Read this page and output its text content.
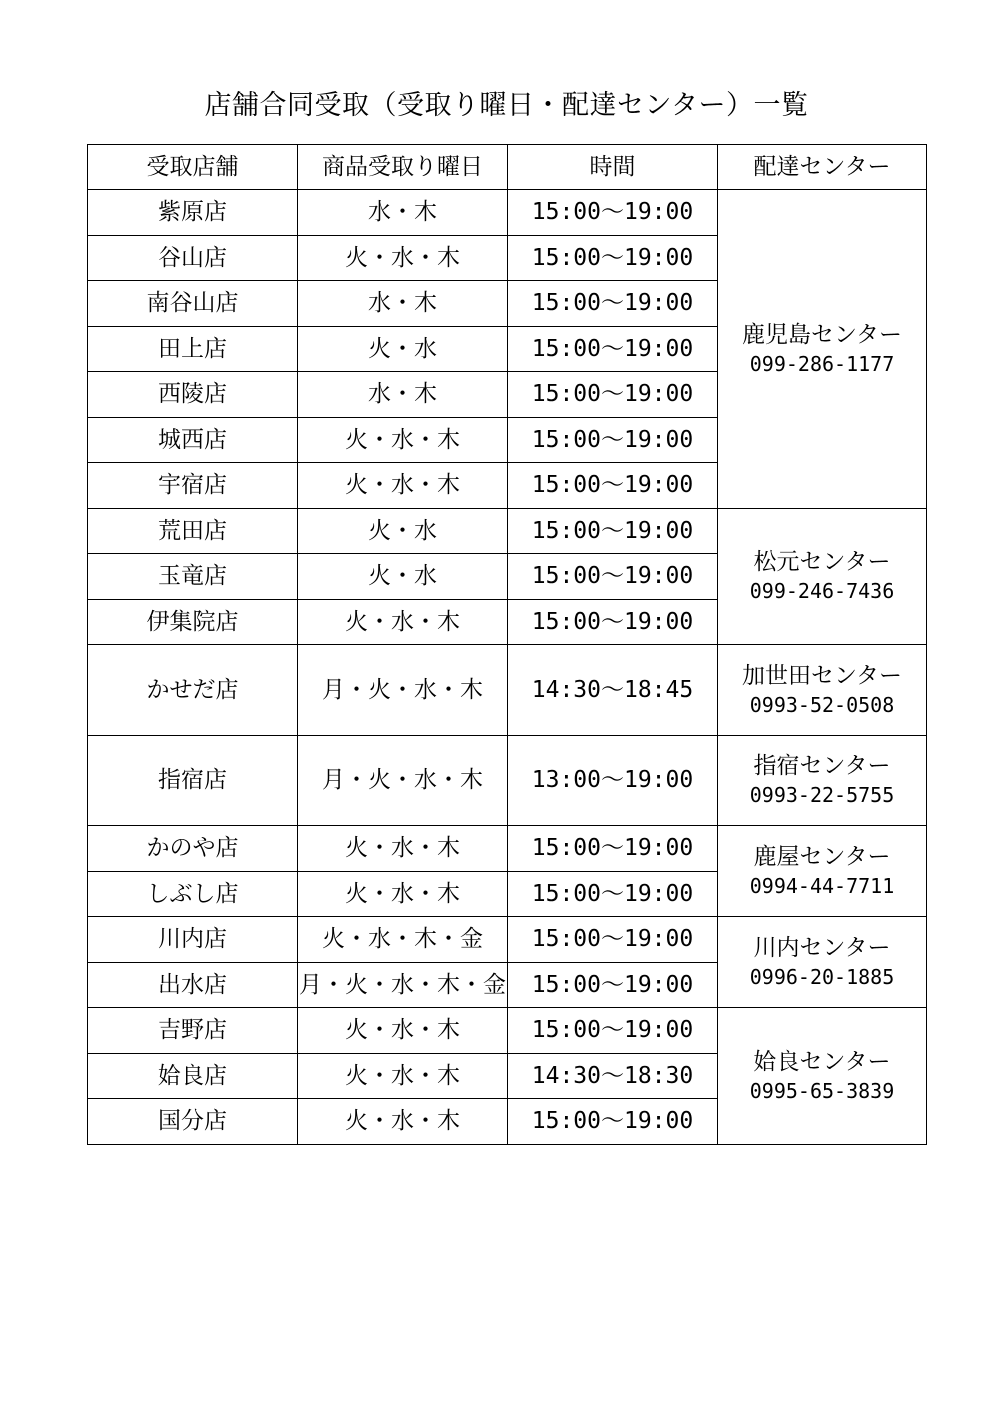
店舗合同受取（受取り曜日・配達センター）一覧
受取店舗	商品受取り曜日	時間	配達センター
紫原店	水・木	15:00〜19:00	鹿児島センター
099-286-1177

谷山店	火・水・木	15:00〜19:00	
南谷山店	水・木	15:00〜19:00	
田上店	火・水	15:00〜19:00	
西陵店	水・木	15:00〜19:00	
城西店	火・水・木	15:00〜19:00	
宇宿店	火・水・木	15:00〜19:00	
荒田店	火・水	15:00〜19:00	松元センター
099-246-7436

玉竜店	火・水	15:00〜19:00	
伊集院店	火・水・木	15:00〜19:00	
かせだ店	月・火・水・木	14:30〜18:45	加世田センター
0993-52-0508

指宿店	月・火・水・木	13:00〜19:00	指宿センター
0993-22-5755

かのや店	火・水・木	15:00〜19:00	鹿屋センター
0994-44-7711

しぶし店	火・水・木	15:00〜19:00	
川内店	火・水・木・金	15:00〜19:00	川内センター
0996-20-1885

出水店	月・火・水・木・金	15:00〜19:00	
吉野店	火・水・木	15:00〜19:00	姶良センター
0995-65-3839

姶良店	火・水・木	14:30〜18:30	
国分店	火・水・木	15:00〜19:00	
